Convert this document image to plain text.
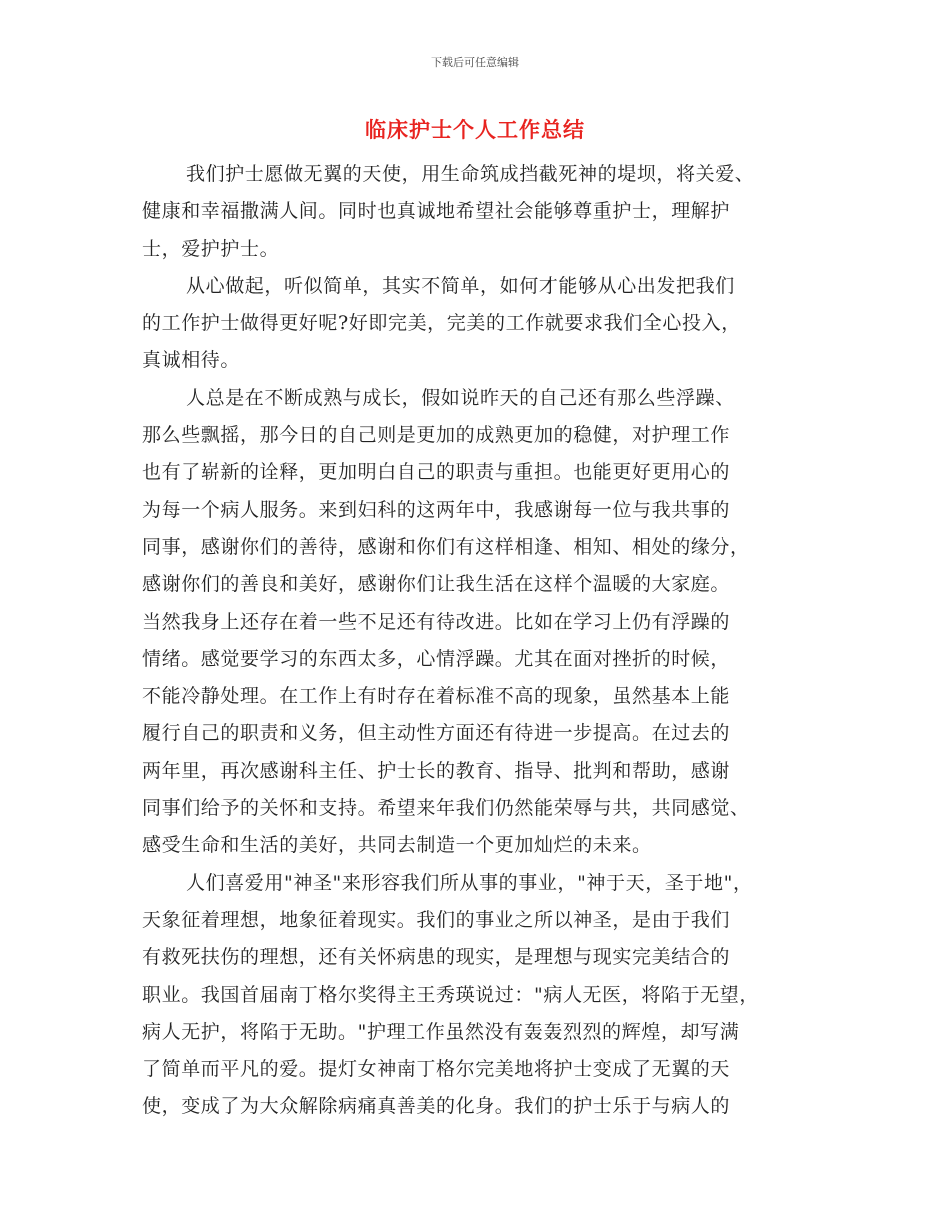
下载后可任意编辑
临床护士个人工作总结
我们护士愿做无翼的天使，用生命筑成挡截死神的堤坝，将关爱、
健康和幸福撒满人间。同时也真诚地希望社会能够尊重护士，理解护
士，爱护护士。
从心做起，听似简单，其实不简单，如何才能够从心出发把我们
的工作护士做得更好呢?好即完美，完美的工作就要求我们全心投入，
真诚相待。
人总是在不断成熟与成长，假如说昨天的自己还有那么些浮躁、
那么些飘摇，那今日的自己则是更加的成熟更加的稳健，对护理工作
也有了崭新的诠释，更加明白自己的职责与重担。也能更好更用心的
为每一个病人服务。来到妇科的这两年中，我感谢每一位与我共事的
同事，感谢你们的善待，感谢和你们有这样相逢、相知、相处的缘分，
感谢你们的善良和美好，感谢你们让我生活在这样个温暖的大家庭。
当然我身上还存在着一些不足还有待改进。比如在学习上仍有浮躁的
情绪。感觉要学习的东西太多，心情浮躁。尤其在面对挫折的时候，
不能冷静处理。在工作上有时存在着标准不高的现象，虽然基本上能
履行自己的职责和义务，但主动性方面还有待进一步提高。在过去的
两年里，再次感谢科主任、护士长的教育、指导、批判和帮助，感谢
同事们给予的关怀和支持。希望来年我们仍然能荣辱与共，共同感觉、
感受生命和生活的美好，共同去制造一个更加灿烂的未来。
人们喜爱用"神圣"来形容我们所从事的事业，"神于天，圣于地"，
天象征着理想，地象征着现实。我们的事业之所以神圣，是由于我们
有救死扶伤的理想，还有关怀病患的现实，是理想与现实完美结合的
职业。我国首届南丁格尔奖得主王秀瑛说过："病人无医，将陷于无望，
病人无护，将陷于无助。"护理工作虽然没有轰轰烈烈的辉煌，却写满
了简单而平凡的爱。提灯女神南丁格尔完美地将护士变成了无翼的天
使，变成了为大众解除病痛真善美的化身。我们的护士乐于与病人的
